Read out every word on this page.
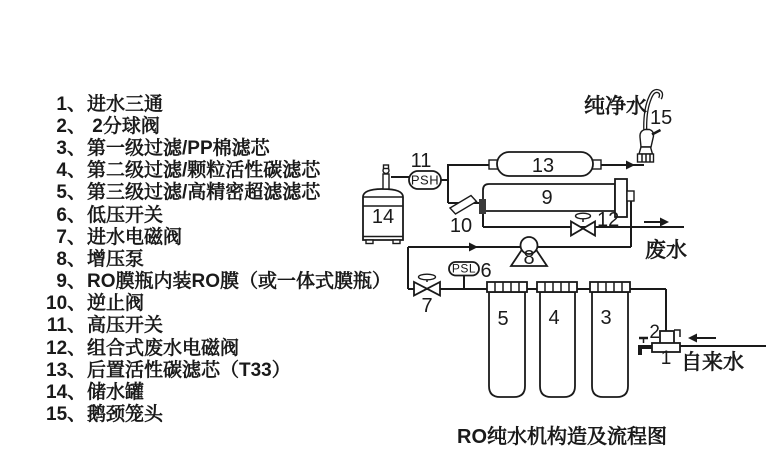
1、 进水三通
2、 2分球阀
3、 第一级过滤/PP棉滤芯
4、 第二级过滤/颗粒活性碳滤芯
5、 第三级过滤/高精密超滤滤芯
6、 低压开关
7、 进水电磁阀
8、 增压泵
9、 RO膜瓶内装RO膜（或一体式膜瓶）
10、 逆止阀
11、 高压开关
12、 组合式废水电磁阀
13、 后置活性碳滤芯（T33）
14、 储水罐
15、 鹅颈笼头
11
PSH
14
13
9
10	12
8
PSL 6
7
5 4 3
2
1
15
纯净水
废水
自来水
RO纯水机构造及流程图
